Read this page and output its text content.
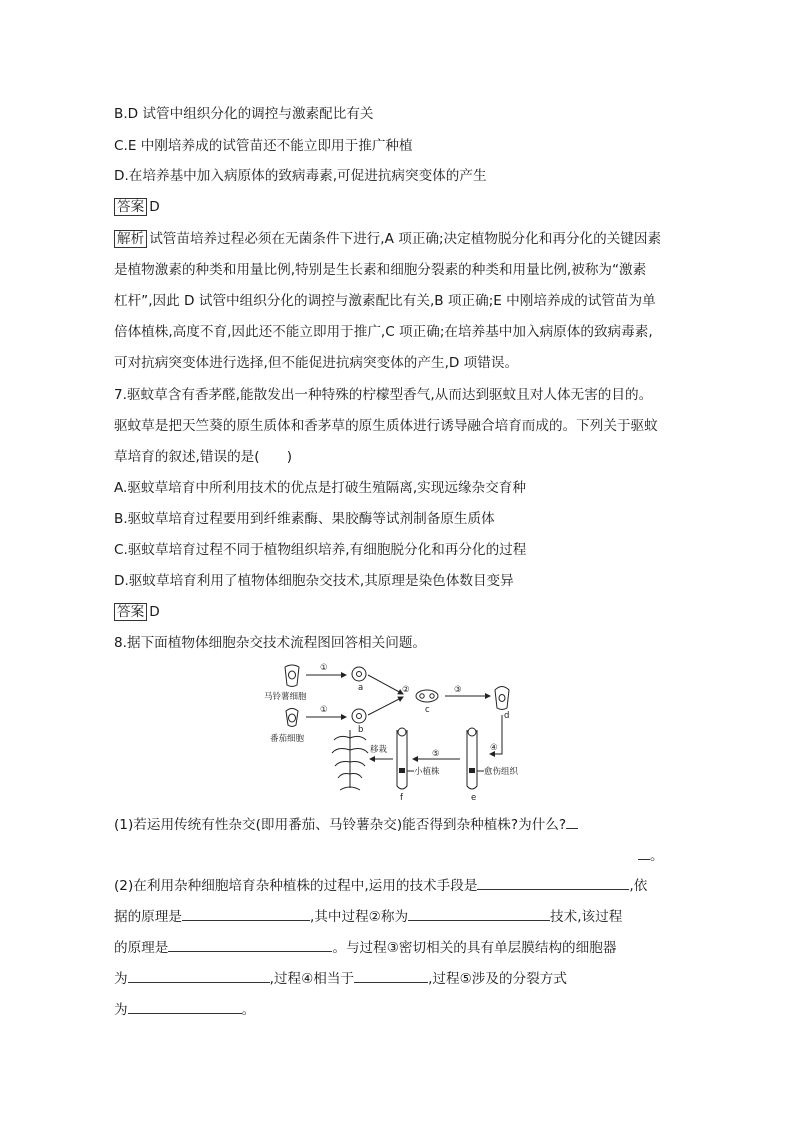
B.D 试管中组织分化的调控与激素配比有关
C.E 中刚培养成的试管苗还不能立即用于推广种植
D.在培养基中加入病原体的致病毒素,可促进抗病突变体的产生
答案 D
解析 试管苗培养过程必须在无菌条件下进行,A 项正确;决定植物脱分化和再分化的关键因素
是植物激素的种类和用量比例,特别是生长素和细胞分裂素的种类和用量比例,被称为“激素
杠杆”,因此 D 试管中组织分化的调控与激素配比有关,B 项正确;E 中刚培养成的试管苗为单
倍体植株,高度不育,因此还不能立即用于推广,C 项正确;在培养基中加入病原体的致病毒素,
可对抗病突变体进行选择,但不能促进抗病突变体的产生,D 项错误。
7.驱蚊草含有香茅醛,能散发出一种特殊的柠檬型香气,从而达到驱蚊且对人体无害的目的。
驱蚊草是把天竺葵的原生质体和香茅草的原生质体进行诱导融合培育而成的。下列关于驱蚊
草培育的叙述,错误的是(　　)
A.驱蚊草培育中所利用技术的优点是打破生殖隔离,实现远缘杂交育种
B.驱蚊草培育过程要用到纤维素酶、果胶酶等试剂制备原生质体
C.驱蚊草培育过程不同于植物组织培养,有细胞脱分化和再分化的过程
D.驱蚊草培育利用了植物体细胞杂交技术,其原理是染色体数目变异
答案 D
8.据下面植物体细胞杂交技术流程图回答相关问题。
马铃薯细胞
番茄细胞
①
①
②	③
④
⑤
a
b
c
d
e
f
移栽
小植株	愈伤组织
(1)若运用传统有性杂交(即用番茄、马铃薯杂交)能否得到杂种植株?为什么?
。
(2)在利用杂种细胞培育杂种植株的过程中,运用的技术手段是	,依
据的原理是	,其中过程②称为	技术,该过程
的原理是	。与过程③密切相关的具有单层膜结构的细胞器
为	,过程④相当于	,过程⑤涉及的分裂方式
为	。
